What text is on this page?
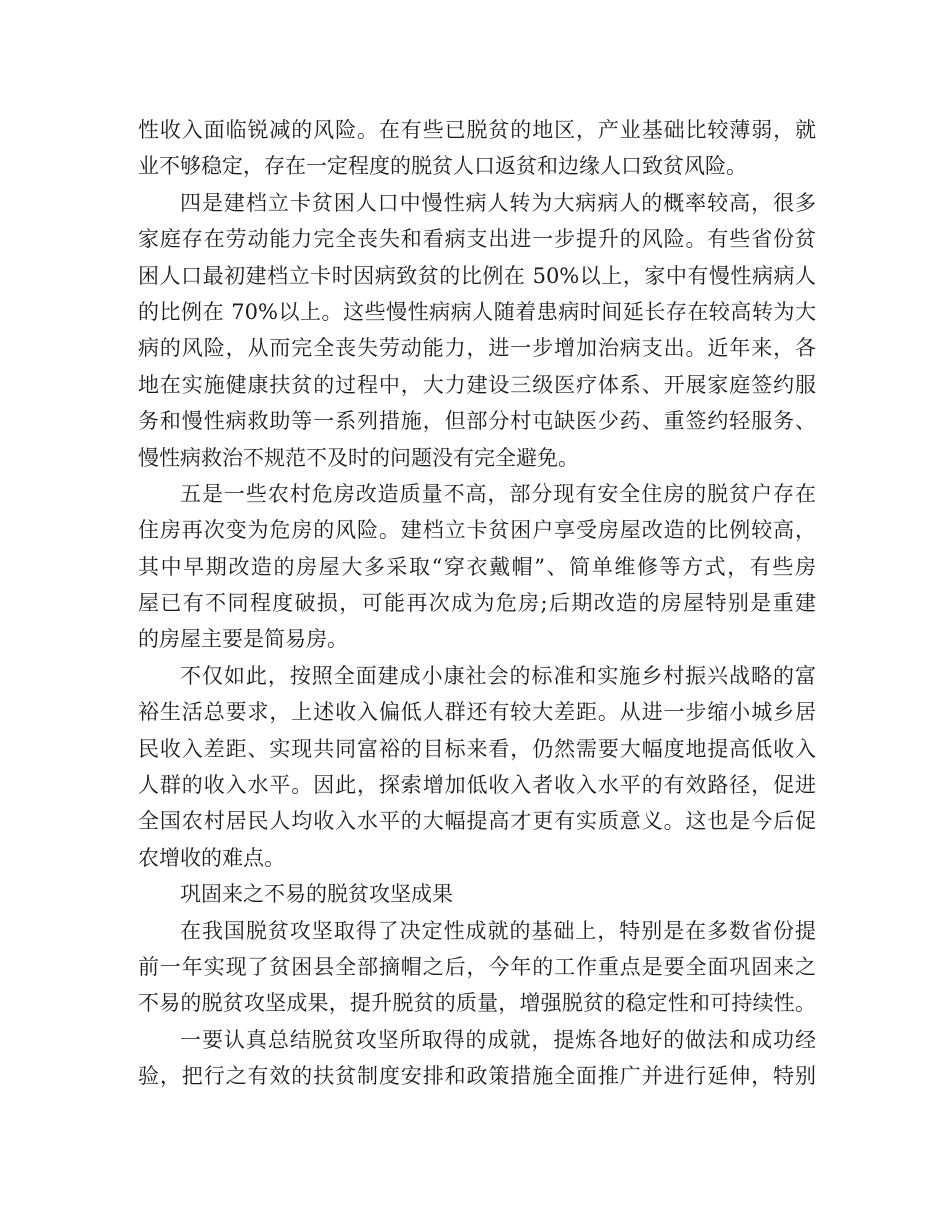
性收入面临锐减的风险。在有些已脱贫的地区，产业基础比较薄弱，就
业不够稳定，存在一定程度的脱贫人口返贫和边缘人口致贫风险。
四是建档立卡贫困人口中慢性病人转为大病病人的概率较高，很多
家庭存在劳动能力完全丧失和看病支出进一步提升的风险。有些省份贫
困人口最初建档立卡时因病致贫的比例在 50%以上，家中有慢性病病人
的比例在 70%以上。这些慢性病病人随着患病时间延长存在较高转为大
病的风险，从而完全丧失劳动能力，进一步增加治病支出。近年来，各
地在实施健康扶贫的过程中，大力建设三级医疗体系、开展家庭签约服
务和慢性病救助等一系列措施，但部分村屯缺医少药、重签约轻服务、
慢性病救治不规范不及时的问题没有完全避免。
五是一些农村危房改造质量不高，部分现有安全住房的脱贫户存在
住房再次变为危房的风险。建档立卡贫困户享受房屋改造的比例较高，
其中早期改造的房屋大多采取“穿衣戴帽”、简单维修等方式，有些房
屋已有不同程度破损，可能再次成为危房;后期改造的房屋特别是重建
的房屋主要是简易房。
不仅如此，按照全面建成小康社会的标准和实施乡村振兴战略的富
裕生活总要求，上述收入偏低人群还有较大差距。从进一步缩小城乡居
民收入差距、实现共同富裕的目标来看，仍然需要大幅度地提高低收入
人群的收入水平。因此，探索增加低收入者收入水平的有效路径，促进
全国农村居民人均收入水平的大幅提高才更有实质意义。这也是今后促
农增收的难点。
巩固来之不易的脱贫攻坚成果
在我国脱贫攻坚取得了决定性成就的基础上，特别是在多数省份提
前一年实现了贫困县全部摘帽之后，今年的工作重点是要全面巩固来之
不易的脱贫攻坚成果，提升脱贫的质量，增强脱贫的稳定性和可持续性。
一要认真总结脱贫攻坚所取得的成就，提炼各地好的做法和成功经
验，把行之有效的扶贫制度安排和政策措施全面推广并进行延伸，特别
